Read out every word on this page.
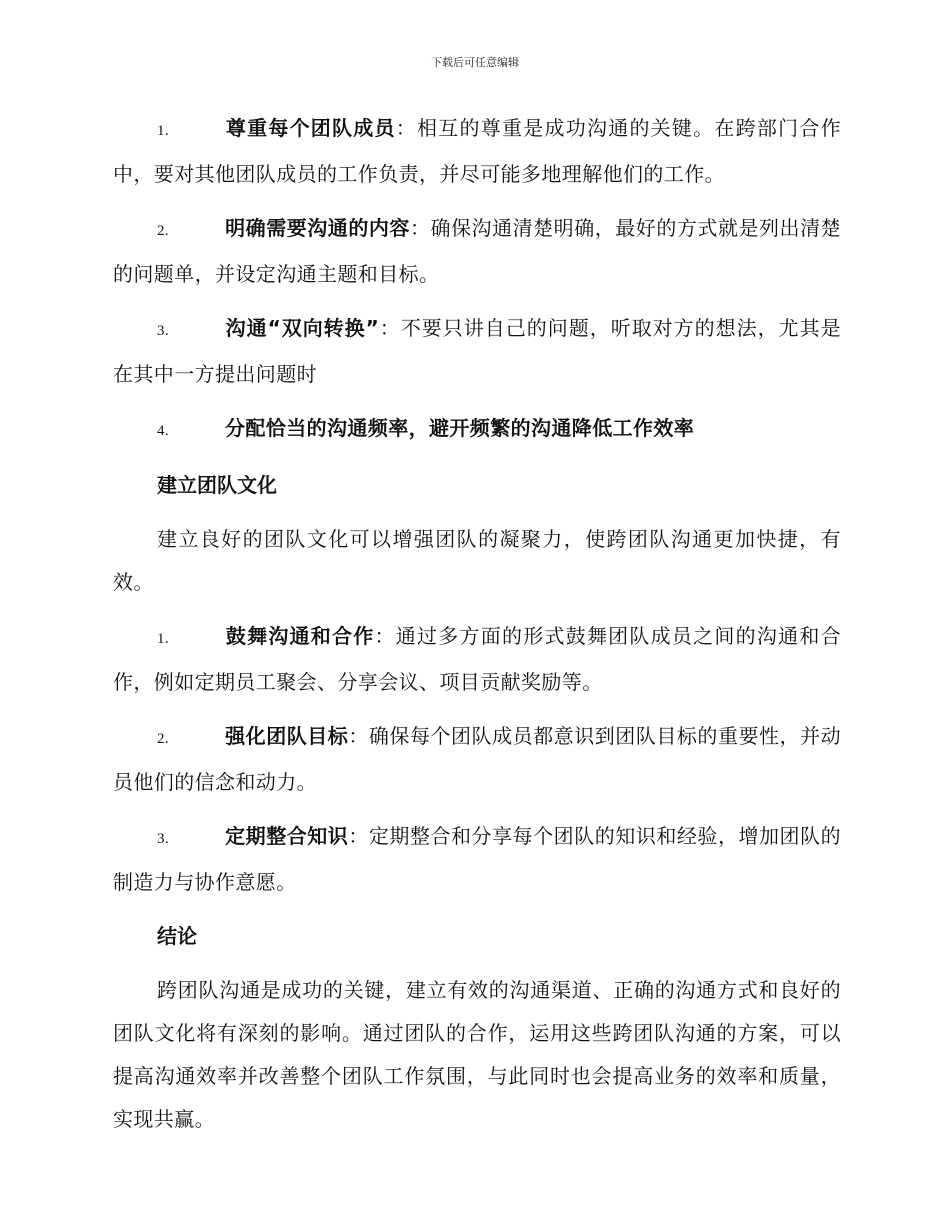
下载后可任意编辑

1.	尊重每个团队成员：相互的尊重是成功沟通的关键。在跨部门合作中，要对其他团队成员的工作负责，并尽可能多地理解他们的工作。

2.	明确需要沟通的内容：确保沟通清楚明确，最好的方式就是列出清楚的问题单，并设定沟通主题和目标。

3.	沟通“双向转换”：不要只讲自己的问题，听取对方的想法，尤其是在其中一方提出问题时

4.	分配恰当的沟通频率，避开频繁的沟通降低工作效率

建立团队文化

建立良好的团队文化可以增强团队的凝聚力，使跨团队沟通更加快捷，有效。

1.	鼓舞沟通和合作：通过多方面的形式鼓舞团队成员之间的沟通和合作，例如定期员工聚会、分享会议、项目贡献奖励等。

2.	强化团队目标：确保每个团队成员都意识到团队目标的重要性，并动员他们的信念和动力。

3.	定期整合知识：定期整合和分享每个团队的知识和经验，增加团队的制造力与协作意愿。

结论

跨团队沟通是成功的关键，建立有效的沟通渠道、正确的沟通方式和良好的团队文化将有深刻的影响。通过团队的合作，运用这些跨团队沟通的方案，可以提高沟通效率并改善整个团队工作氛围，与此同时也会提高业务的效率和质量，实现共赢。
